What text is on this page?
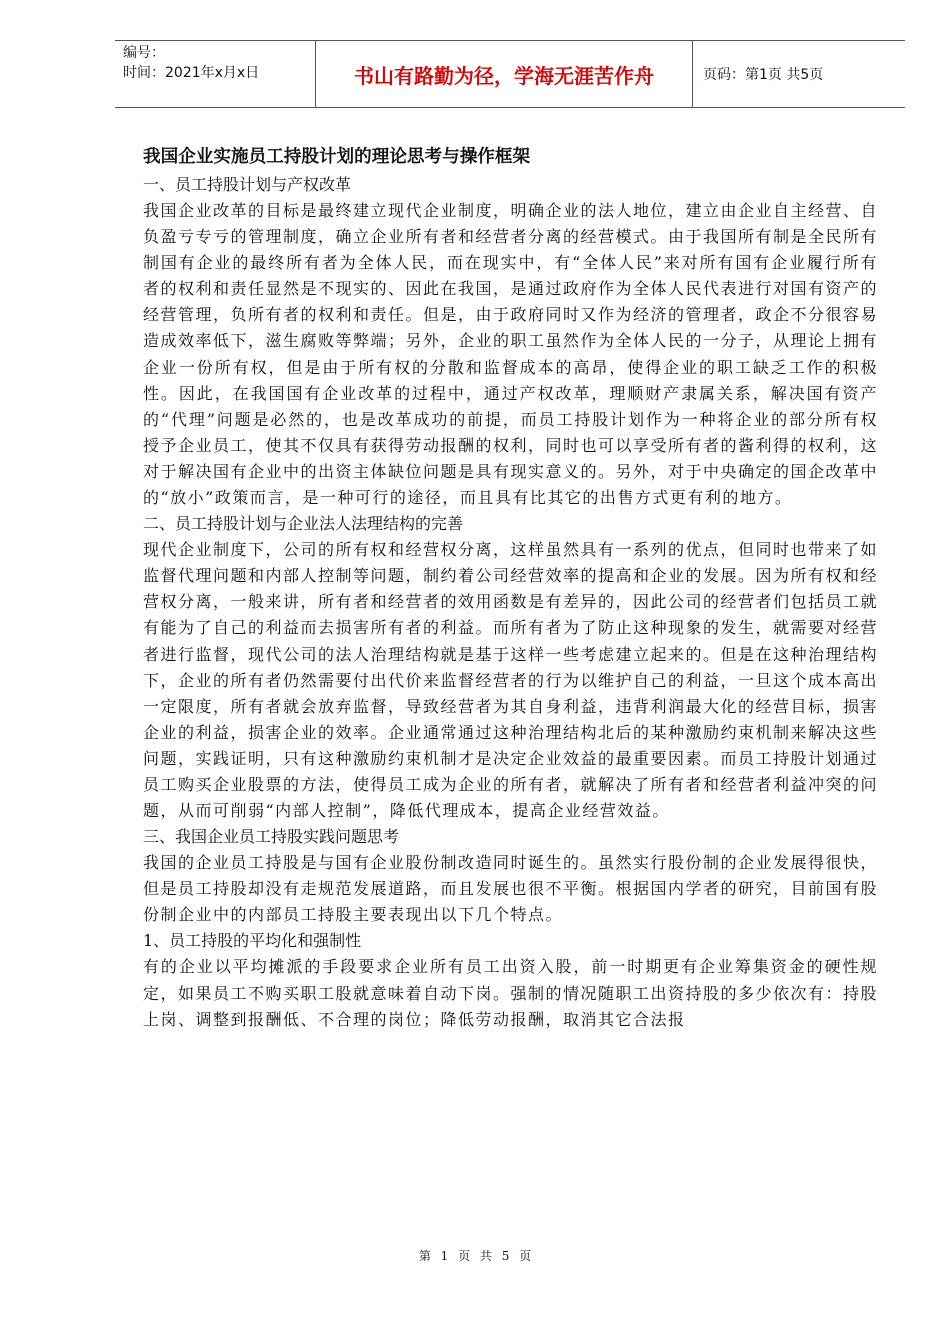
编号：
时间：2021年x月x日	书山有路勤为径，学海无涯苦作舟	页码：第1页 共5页
我国企业实施员工持股计划的理论思考与操作框架

一、员工持股计划与产权改革

我国企业改革的目标是最终建立现代企业制度，明确企业的法人地位，建立由企业自主经营、自负盈亏专亏的管理制度，确立企业所有者和经营者分离的经营模式。由于我国所有制是全民所有制国有企业的最终所有者为全体人民，而在现实中，有“全体人民”来对所有国有企业履行所有者的权利和责任显然是不现实的、因此在我国，是通过政府作为全体人民代表进行对国有资产的经营管理，负所有者的权利和责任。但是，由于政府同时又作为经济的管理者，政企不分很容易造成效率低下，滋生腐败等弊端；另外，企业的职工虽然作为全体人民的一分子，从理论上拥有企业一份所有权，但是由于所有权的分散和监督成本的高昂，使得企业的职工缺乏工作的积极性。因此，在我国国有企业改革的过程中，通过产权改革，理顺财产隶属关系，解决国有资产的“代理”问题是必然的，也是改革成功的前提，而员工持股计划作为一种将企业的部分所有权授予企业员工，使其不仅具有获得劳动报酬的权利，同时也可以享受所有者的酱利得的权利，这对于解决国有企业中的出资主体缺位问题是具有现实意义的。另外，对于中央确定的国企改革中的“放小”政策而言，是一种可行的途径，而且具有比其它的出售方式更有利的地方。

二、员工持股计划与企业法人法理结构的完善

现代企业制度下，公司的所有权和经营权分离，这样虽然具有一系列的优点，但同时也带来了如监督代理问题和内部人控制等问题，制约着公司经营效率的提高和企业的发展。因为所有权和经营权分离，一般来讲，所有者和经营者的效用函数是有差异的，因此公司的经营者们包括员工就有能为了自己的利益而去损害所有者的利益。而所有者为了防止这种现象的发生，就需要对经营者进行监督，现代公司的法人治理结构就是基于这样一些考虑建立起来的。但是在这种治理结构下，企业的所有者仍然需要付出代价来监督经营者的行为以维护自己的利益，一旦这个成本高出一定限度，所有者就会放弃监督，导致经营者为其自身利益，违背利润最大化的经营目标，损害企业的利益，损害企业的效率。企业通常通过这种治理结构北后的某种激励约束机制来解决这些问题，实践证明，只有这种激励约束机制才是决定企业效益的最重要因素。而员工持股计划通过员工购买企业股票的方法，使得员工成为企业的所有者，就解决了所有者和经营者利益冲突的问题，从而可削弱“内部人控制”，降低代理成本，提高企业经营效益。

三、我国企业员工持股实践问题思考

我国的企业员工持股是与国有企业股份制改造同时诞生的。虽然实行股份制的企业发展得很快，但是员工持股却没有走规范发展道路，而且发展也很不平衡。根据国内学者的研究，目前国有股份制企业中的内部员工持股主要表现出以下几个特点。

1、员工持股的平均化和强制性

有的企业以平均摊派的手段要求企业所有员工出资入股，前一时期更有企业筹集资金的硬性规定，如果员工不购买职工股就意味着自动下岗。强制的情况随职工出资持股的多少依次有：持股上岗、调整到报酬低、不合理的岗位；降低劳动报酬，取消其它合法报

第 1 页 共 5 页
